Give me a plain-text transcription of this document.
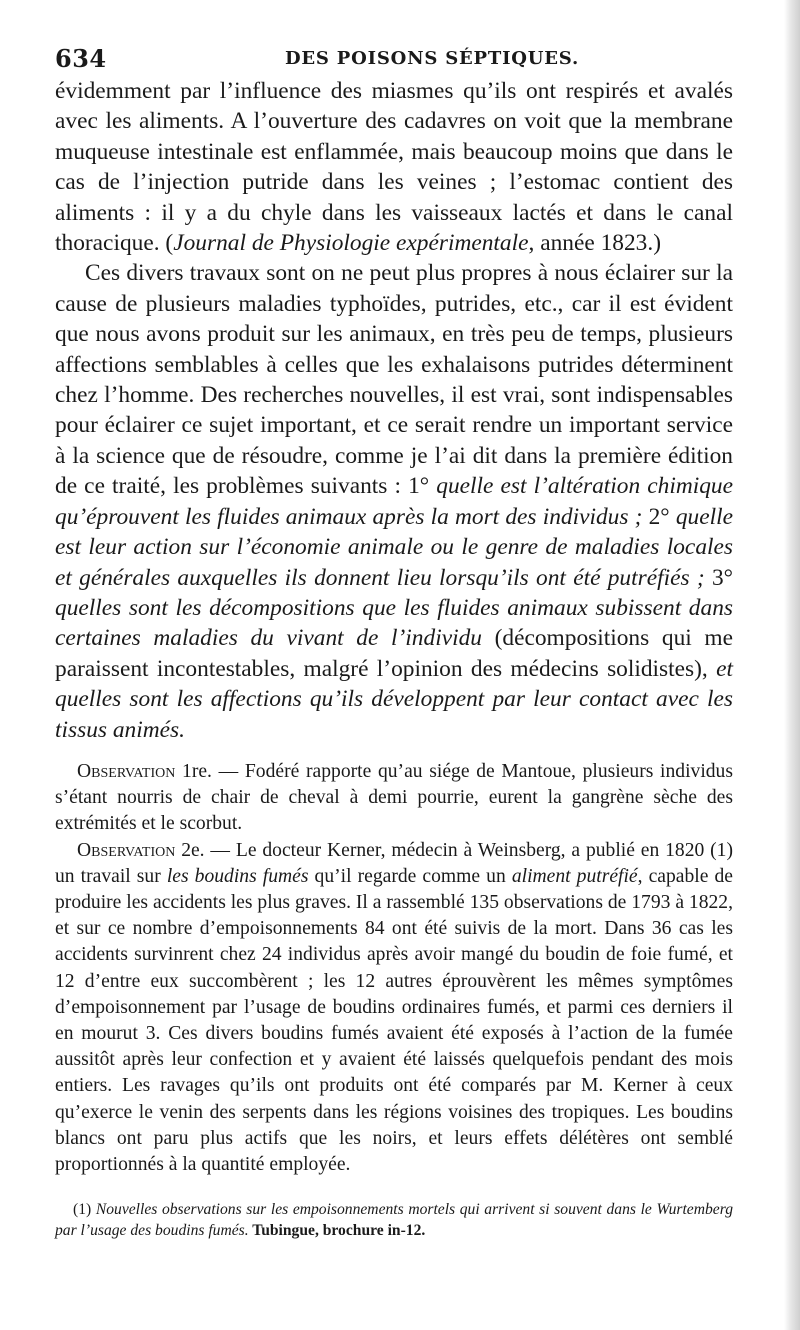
634	DES POISONS SÉPTIQUES.

évidemment par l’influence des miasmes qu’ils ont respirés et avalés avec les aliments. A l’ouverture des cadavres on voit que la membrane muqueuse intestinale est enflammée, mais beaucoup moins que dans le cas de l’injection putride dans les veines ; l’estomac contient des aliments : il y a du chyle dans les vaisseaux lactés et dans le canal thoracique. (Journal de Physiologie expérimentale, année 1823.)

Ces divers travaux sont on ne peut plus propres à nous éclairer sur la cause de plusieurs maladies typhoïdes, putrides, etc., car il est évident que nous avons produit sur les animaux, en très peu de temps, plusieurs affections semblables à celles que les exhalaisons putrides déterminent chez l’homme. Des recherches nouvelles, il est vrai, sont indispensables pour éclairer ce sujet important, et ce serait rendre un important service à la science que de résoudre, comme je l’ai dit dans la première édition de ce traité, les problèmes suivants : 1° quelle est l’altération chimique qu’éprouvent les fluides animaux après la mort des individus ; 2° quelle est leur action sur l’économie animale ou le genre de maladies locales et générales auxquelles ils donnent lieu lorsqu’ils ont été putréfiés ; 3° quelles sont les décompositions que les fluides animaux subissent dans certaines maladies du vivant de l’individu (décompositions qui me paraissent incontestables, malgré l’opinion des médecins solidistes), et quelles sont les affections qu’ils développent par leur contact avec les tissus animés.

Observation 1re. — Fodéré rapporte qu’au siége de Mantoue, plusieurs individus s’étant nourris de chair de cheval à demi pourrie, eurent la gangrène sèche des extrémités et le scorbut.

Observation 2e. — Le docteur Kerner, médecin à Weinsberg, a publié en 1820 (1) un travail sur les boudins fumés qu’il regarde comme un aliment putréfié, capable de produire les accidents les plus graves. Il a rassemblé 135 observations de 1793 à 1822, et sur ce nombre d’empoisonnements 84 ont été suivis de la mort. Dans 36 cas les accidents survinrent chez 24 individus après avoir mangé du boudin de foie fumé, et 12 d’entre eux succombèrent ; les 12 autres éprouvèrent les mêmes symptômes d’empoisonnement par l’usage de boudins ordinaires fumés, et parmi ces derniers il en mourut 3. Ces divers boudins fumés avaient été exposés à l’action de la fumée aussitôt après leur confection et y avaient été laissés quelquefois pendant des mois entiers. Les ravages qu’ils ont produits ont été comparés par M. Kerner à ceux qu’exerce le venin des serpents dans les régions voisines des tropiques. Les boudins blancs ont paru plus actifs que les noirs, et leurs effets délétères ont semblé proportionnés à la quantité employée.

(1) Nouvelles observations sur les empoisonnements mortels qui arrivent si souvent dans le Wurtemberg par l’usage des boudins fumés. Tubingue, brochure in-12.
